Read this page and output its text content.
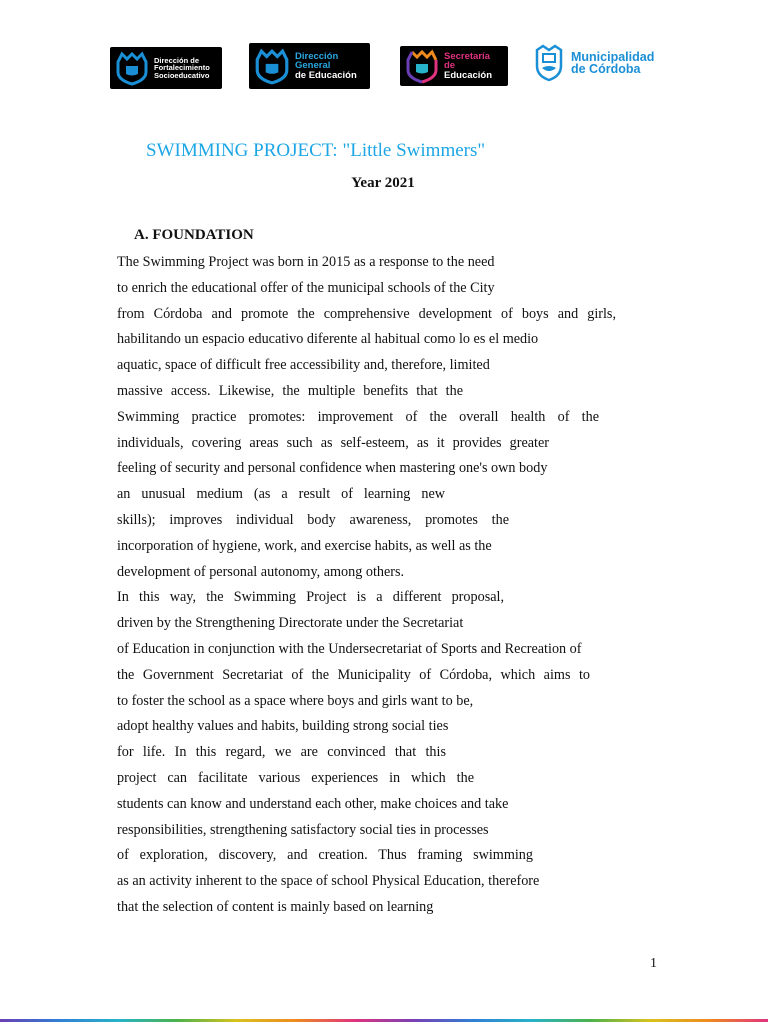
Dirección de
Fortalecimiento
Socioeducativo
Dirección General
de Educación
Secretaría de
Educación
Municipalidad
de Córdoba
SWIMMING PROJECT: "Little Swimmers"
Year 2021
A. FOUNDATION
The Swimming Project was born in 2015 as a response to the need
to enrich the educational offer of the municipal schools of the City
from Córdoba and promote the comprehensive development of boys and girls,
habilitando un espacio educativo diferente al habitual como lo es el medio
aquatic, space of difficult free accessibility and, therefore, limited
massive access. Likewise, the multiple benefits that the
Swimming practice promotes: improvement of the overall health of the
individuals, covering areas such as self-esteem, as it provides greater
feeling of security and personal confidence when mastering one's own body
an unusual medium (as a result of learning new
skills); improves individual body awareness, promotes the
incorporation of hygiene, work, and exercise habits, as well as the
development of personal autonomy, among others.
In this way, the Swimming Project is a different proposal,
driven by the Strengthening Directorate under the Secretariat
of Education in conjunction with the Undersecretariat of Sports and Recreation of
the Government Secretariat of the Municipality of Córdoba, which aims to
to foster the school as a space where boys and girls want to be,
adopt healthy values and habits, building strong social ties
for life. In this regard, we are convinced that this
project can facilitate various experiences in which the
students can know and understand each other, make choices and take
responsibilities, strengthening satisfactory social ties in processes
of exploration, discovery, and creation. Thus framing swimming
as an activity inherent to the space of school Physical Education, therefore
that the selection of content is mainly based on learning
1
